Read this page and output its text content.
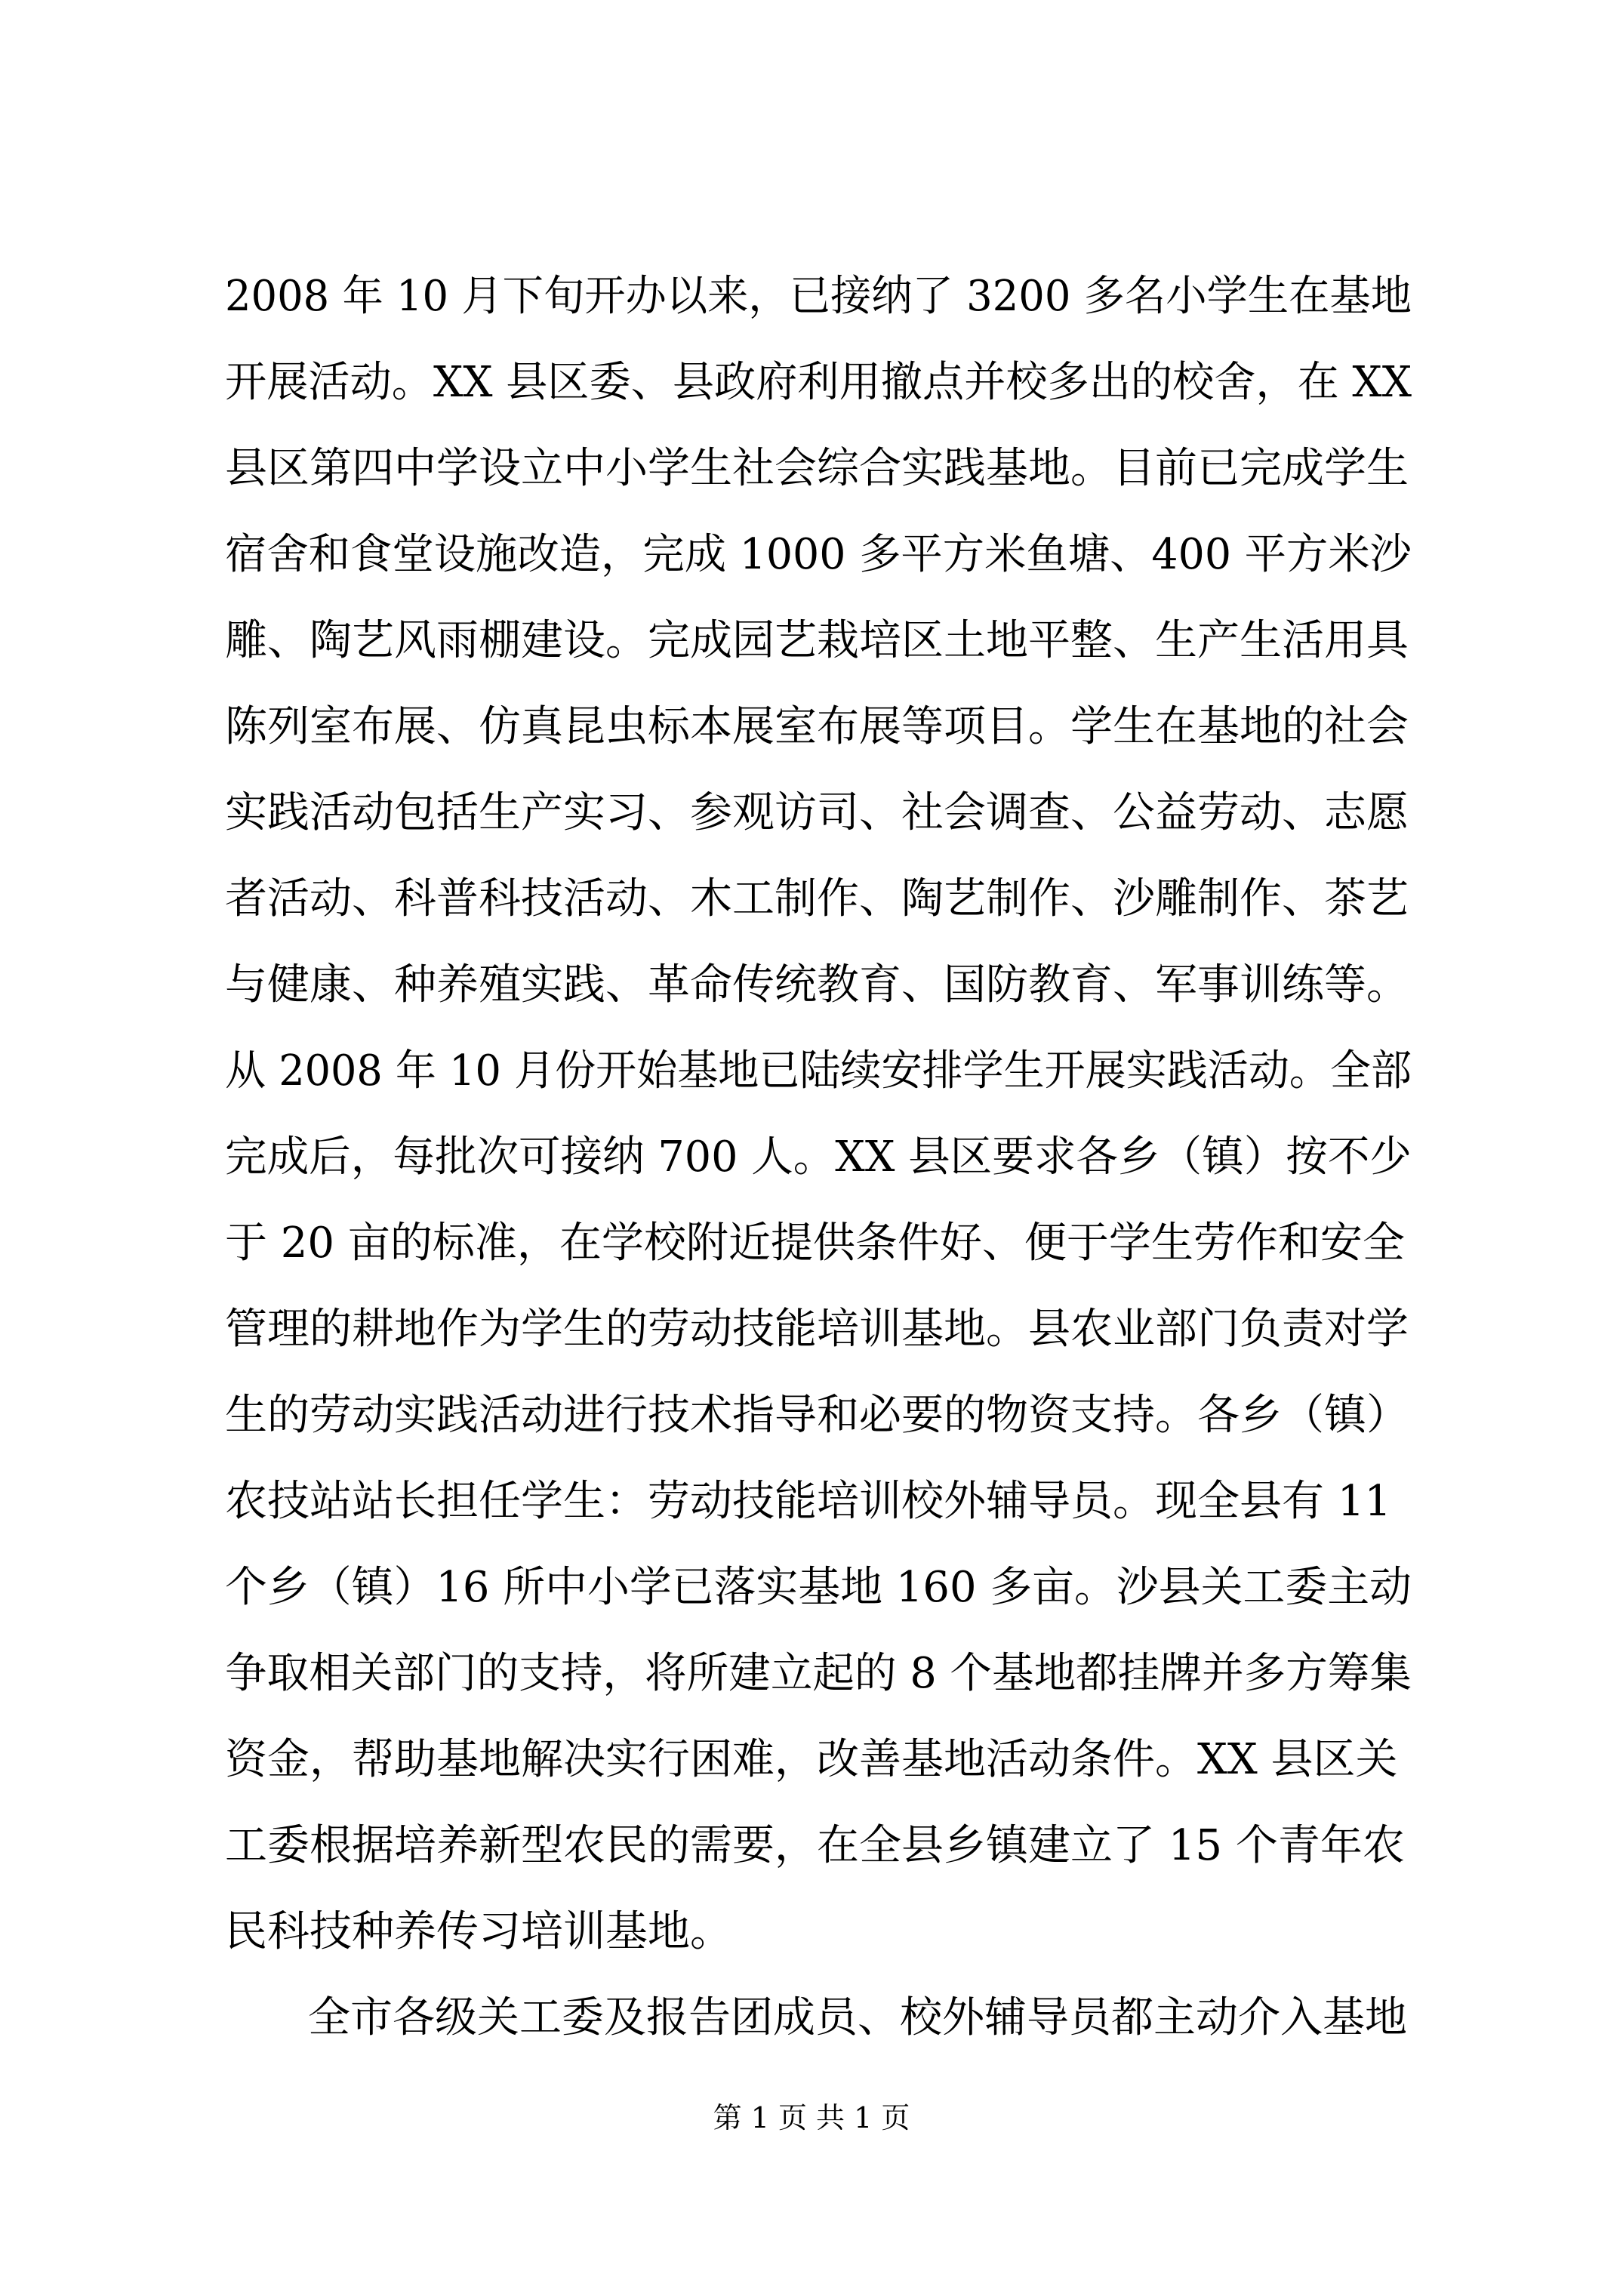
2008 年 10 月下旬开办以来，已接纳了 3200 多名小学生在基地
开展活动。XX 县区委、县政府利用撤点并校多出的校舍，在 XX
县区第四中学设立中小学生社会综合实践基地。目前已完成学生
宿舍和食堂设施改造，完成 1000 多平方米鱼塘、400 平方米沙
雕、陶艺风雨棚建设。完成园艺栽培区土地平整、生产生活用具
陈列室布展、仿真昆虫标本展室布展等项目。学生在基地的社会
实践活动包括生产实习、参观访司、社会调查、公益劳动、志愿
者活动、科普科技活动、木工制作、陶艺制作、沙雕制作、茶艺
与健康、种养殖实践、革命传统教育、国防教育、军事训练等。
从 2008 年 10 月份开始基地已陆续安排学生开展实践活动。全部
完成后，每批次可接纳 700 人。XX 县区要求各乡（镇）按不少
于 20 亩的标准，在学校附近提供条件好、便于学生劳作和安全
管理的耕地作为学生的劳动技能培训基地。县农业部门负责对学
生的劳动实践活动进行技术指导和必要的物资支持。各乡（镇）
农技站站长担任学生：劳动技能培训校外辅导员。现全县有 11
个乡（镇）16 所中小学已落实基地 160 多亩。沙县关工委主动
争取相关部门的支持，将所建立起的 8 个基地都挂牌并多方筹集
资金，帮助基地解决实行困难，改善基地活动条件。XX 县区关
工委根据培养新型农民的需要，在全县乡镇建立了 15 个青年农
民科技种养传习培训基地。
全市各级关工委及报告团成员、校外辅导员都主动介入基地
第 1 页 共 1 页
